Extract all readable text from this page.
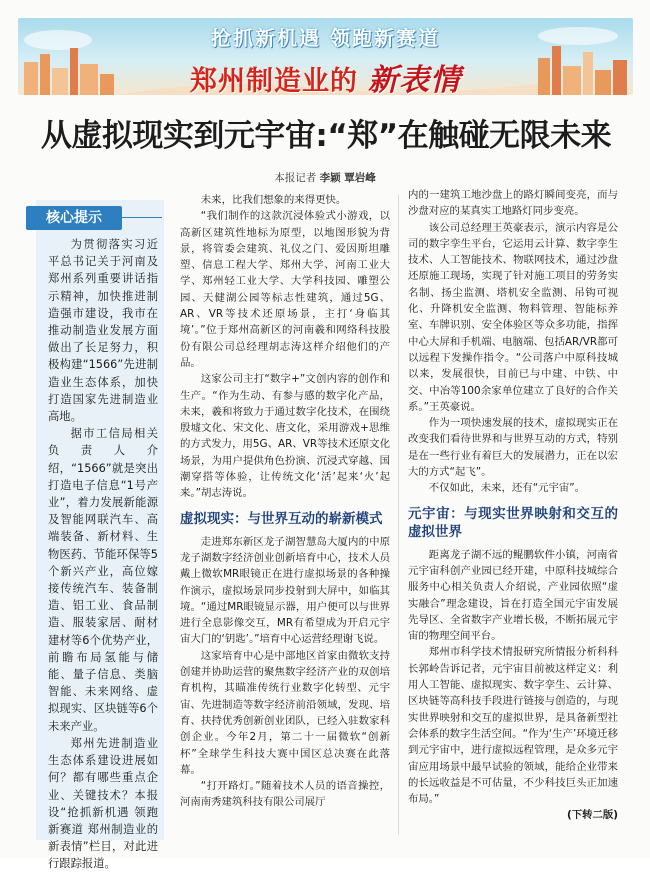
抢抓新机遇 领跑新赛道
郑州制造业的 新表情
从虚拟现实到元宇宙:“郑”在触碰无限未来
本报记者 李颖 覃岩峰
核心提示

为贯彻落实习近平总书记关于河南及郑州系列重要讲话指示精神，加快推进制造强市建设，我市在推动制造业发展方面做出了长足努力，积极构建“1566”先进制造业生态体系，加快打造国家先进制造业高地。

据市工信局相关负责人介绍，“1566”就是突出打造电子信息“1号产业”，着力发展新能源及智能网联汽车、高端装备、新材料、生物医药、节能环保等5个新兴产业，高位嫁接传统汽车、装备制造、铝工业、食品制造、服装家居、耐材建材等6个优势产业，前瞻布局氢能与储能、量子信息、类脑智能、未来网络、虚拟现实、区块链等6个未来产业。

郑州先进制造业生态体系建设进展如何？都有哪些重点企业、关键技术？本报设“抢抓新机遇 领跑新赛道 郑州制造业的新表情”栏目，对此进行跟踪报道。

未来，比我们想象的来得更快。

“我们制作的这款沉浸体验式小游戏，以高新区建筑性地标为原型，以地图形貌为背景，将管委会建筑、礼仪之门、爱因斯坦雕塑、信息工程大学、郑州大学、河南工业大学、郑州轻工业大学、大学科技园、雕塑公园、天健湖公园等标志性建筑，通过5G、AR、VR等技术还原场景，主打‘身临其境’。”位于郑州高新区的河南羲和网络科技股份有限公司总经理胡志涛这样介绍他们的产品。

这家公司主打“数字+”文创内容的创作和生产。“作为生动、有参与感的数字化产品，未来，羲和将致力于通过数字化技术，在围绕殷墟文化、宋文化、唐文化，采用游戏+思维的方式发力，用5G、AR、VR等技术还原文化场景，为用户提供角色扮演、沉浸式穿越、国潮穿搭等体验，让传统文化‘活’起来‘火’起来。”胡志涛说。

虚拟现实：与世界互动的崭新模式

走进郑东新区龙子湖智慧岛大厦内的中原龙子湖数字经济创业创新培育中心，技术人员戴上微软MR眼镜正在进行虚拟场景的各种操作演示，虚拟场景同步投射到大屏中，如临其境。“通过MR眼镜显示器，用户便可以与世界进行全息影像交互，MR有希望成为开启元宇宙大门的‘钥匙’。”培育中心运营经理谢飞说。

这家培育中心是中部地区首家由微软支持创建并协助运营的聚焦数字经济产业的双创培育机构，其瞄准传统行业数字化转型、元宇宙、先进制造等数字经济前沿领域，发现、培育、扶持优秀创新创业团队，已经入驻数家科创企业。今年2月，第二十一届微软“创新杯”全球学生科技大赛中国区总决赛在此落幕。

“打开路灯。”随着技术人员的语音操控，河南南秀建筑科技有限公司展厅

内的一建筑工地沙盘上的路灯瞬间变亮，而与沙盘对应的某真实工地路灯同步变亮。

该公司总经理王英豪表示，演示内容是公司的数字孪生平台，它运用云计算、数字孪生技术、人工智能技术、物联网技术，通过沙盘还原施工现场，实现了针对施工项目的劳务实名制、扬尘监测、塔机安全监测、吊钩可视化、升降机安全监测、物料管理、智能标养室、车牌识别、安全体验区等众多功能，指挥中心大屏和手机端、电脑端、包括AR/VR都可以远程下发操作指令。“公司落户中原科技城以来，发展很快，目前已与中建、中铁、中交、中冶等100余家单位建立了良好的合作关系。”王英豪说。

作为一项快速发展的技术，虚拟现实正在改变我们看待世界和与世界互动的方式，特别是在一些行业有着巨大的发展潜力，正在以宏大的方式“起飞”。

不仅如此，未来，还有“元宇宙”。

元宇宙：与现实世界映射和交互的虚拟世界

距离龙子湖不远的鲲鹏软件小镇，河南省元宇宙科创产业园已经开建，中原科技城综合服务中心相关负责人介绍说，产业园依照“虚实融合”理念建设，旨在打造全国元宇宙发展先导区、全省数字产业增长极，不断拓展元宇宙的物理空间平台。

郑州市科学技术情报研究所情报分析科科长郭岭告诉记者，元宇宙目前被这样定义：利用人工智能、虚拟现实、数字孪生、云计算、区块链等高科技手段进行链接与创造的，与现实世界映射和交互的虚拟世界，是具备新型社会体系的数字生活空间。“作为‘生产’环境迁移到元宇宙中，进行虚拟远程管理，是众多元宇宙应用场景中最早试验的领域，能给企业带来的长远收益是不可估量，不少科技巨头正加速布局。”

(下转二版)
